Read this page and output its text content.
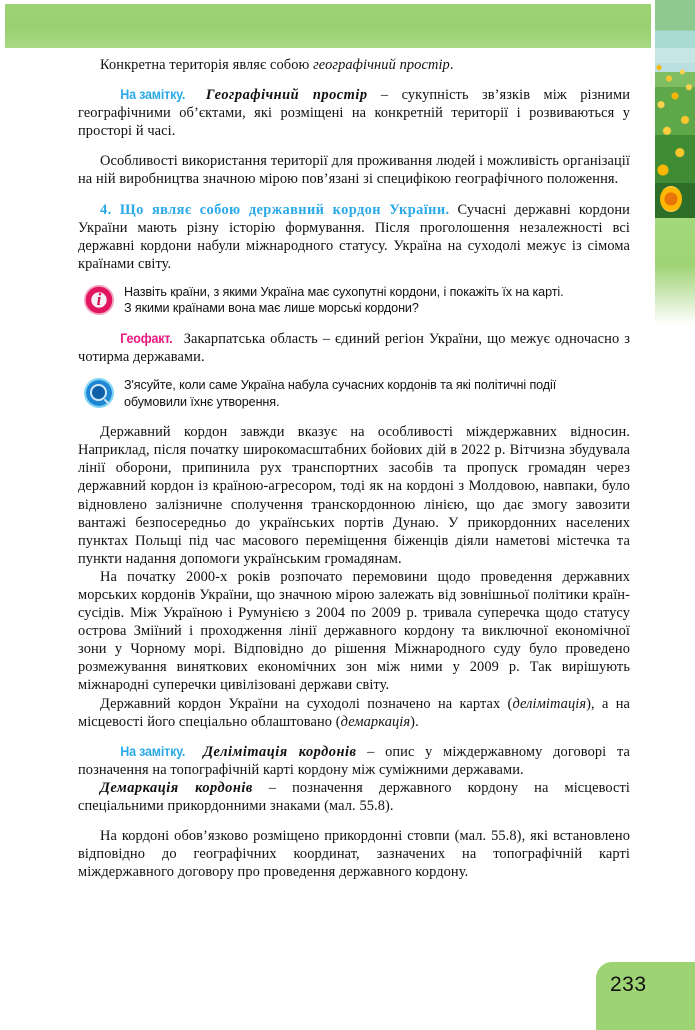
Конкретна територія являє собою географічний простір.

На замітку. Географічний простір – сукупність зв’язків між різними географічними об’єктами, які розміщені на конкретній території і розвиваються у просторі й часі.

Особливості використання території для проживання людей і можливість організації на ній виробництва значною мірою пов’язані зі специфікою географічного положення.

4. Що являє собою державний кордон України. Сучасні державні кордони України мають різну історію формування. Після проголошення незалежності всі державні кордони набули міжнародного статусу. Україна на суходолі межує із сімома країнами світу.

i	Назвіть країни, з якими Україна має сухопутні кордони, і покажіть їх на карті.

З якими країнами вона має лише морські кордони?

Геофакт. Закарпатська область – єдиний регіон України, що межує одночасно з чотирма державами.

З'ясуйте, коли саме Україна набула сучасних кордонів та які політичні події

обумовили їхнє утворення.

Державний кордон завжди вказує на особливості міждержавних відносин. Наприклад, після початку широкомасштабних бойових дій в 2022 р. Вітчизна збудувала лінії оборони, припинила рух транспортних засобів та пропуск громадян через державний кордон із країною-агресором, тоді як на кордоні з Молдовою, навпаки, було відновлено залізничне сполучення транскордонною лінією, що дає змогу завозити вантажі безпосередньо до українських портів Дунаю. У прикордонних населених пунктах Польщі під час масового переміщення біженців діяли наметові містечка та пункти надання допомоги українським громадянам.

На початку 2000-х років розпочато перемовини щодо проведення державних морських кордонів України, що значною мірою залежать від зовнішньої політики країн-сусідів. Між Україною і Румунією з 2004 по 2009 р. тривала суперечка щодо статусу острова Зміїний і проходження лінії державного кордону та виключної економічної зони у Чорному морі. Відповідно до рішення Міжнародного суду було проведено розмежування виняткових економічних зон між ними у 2009 р. Так вирішують міжнародні суперечки цивілізовані держави світу.

Державний кордон України на суходолі позначено на картах (делімітація), а на місцевості його спеціально облаштовано (демаркація).

На замітку. Делімітація кордонів – опис у міждержавному договорі та позначення на топографічній карті кордону між суміжними державами.

Демаркація кордонів – позначення державного кордону на місцевості спеціальними прикордонними знаками (мал. 55.8).

На кордоні обов’язково розміщено прикордонні стовпи (мал. 55.8), які встановлено відповідно до географічних координат, зазначених на топографічній карті міждержавного договору про проведення державного кордону.

233
